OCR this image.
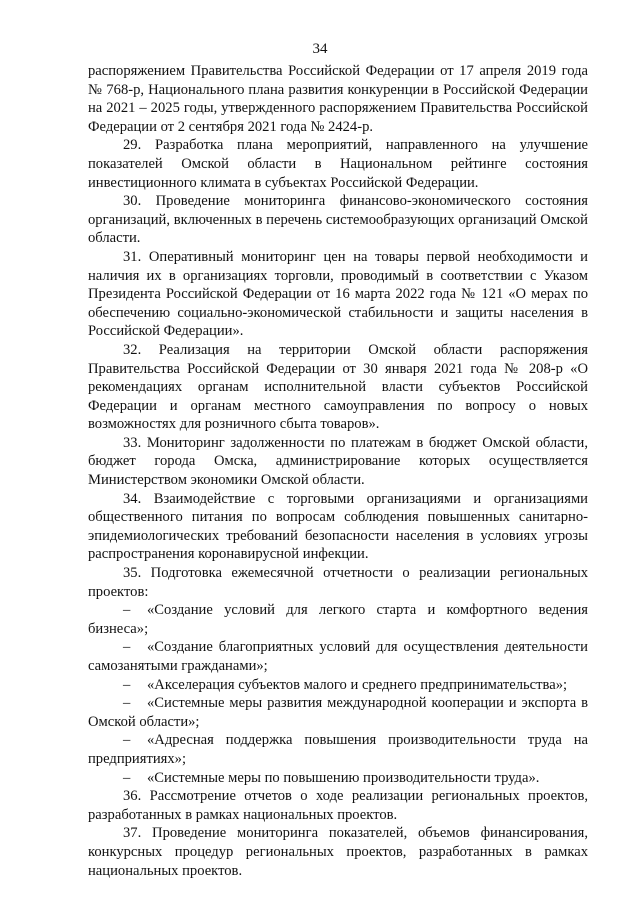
34

распоряжением Правительства Российской Федерации от 17 апреля 2019 года № 768-р, Национального плана развития конкуренции в Российской Федерации на 2021 – 2025 годы, утвержденного распоряжением Правительства Российской Федерации от 2 сентября 2021 года № 2424-р.

29. Разработка плана мероприятий, направленного на улучшение показателей Омской области в Национальном рейтинге состояния инвестиционного климата в субъектах Российской Федерации.

30. Проведение мониторинга финансово-экономического состояния организаций, включенных в перечень системообразующих организаций Омской области.

31. Оперативный мониторинг цен на товары первой необходимости и наличия их в организациях торговли, проводимый в соответствии с Указом Президента Российской Федерации от 16 марта 2022 года № 121 «О мерах по обеспечению социально-экономической стабильности и защиты населения в Российской Федерации».

32. Реализация на территории Омской области распоряжения Правительства Российской Федерации от 30 января 2021 года № 208-р «О рекомендациях органам исполнительной власти субъектов Российской Федерации и органам местного самоуправления по вопросу о новых возможностях для розничного сбыта товаров».

33. Мониторинг задолженности по платежам в бюджет Омской области, бюджет города Омска, администрирование которых осуществляется Министерством экономики Омской области.

34. Взаимодействие с торговыми организациями и организациями общественного питания по вопросам соблюдения повышенных санитарно-эпидемиологических требований безопасности населения в условиях угрозы распространения коронавирусной инфекции.

35. Подготовка ежемесячной отчетности о реализации региональных проектов:

– «Создание условий для легкого старта и комфортного ведения бизнеса»;

– «Создание благоприятных условий для осуществления деятельности самозанятыми гражданами»;

– «Акселерация субъектов малого и среднего предпринимательства»;

– «Системные меры развития международной кооперации и экспорта в Омской области»;

– «Адресная поддержка повышения производительности труда на предприятиях»;

– «Системные меры по повышению производительности труда».

36. Рассмотрение отчетов о ходе реализации региональных проектов, разработанных в рамках национальных проектов.

37. Проведение мониторинга показателей, объемов финансирования, конкурсных процедур региональных проектов, разработанных в рамках национальных проектов.
